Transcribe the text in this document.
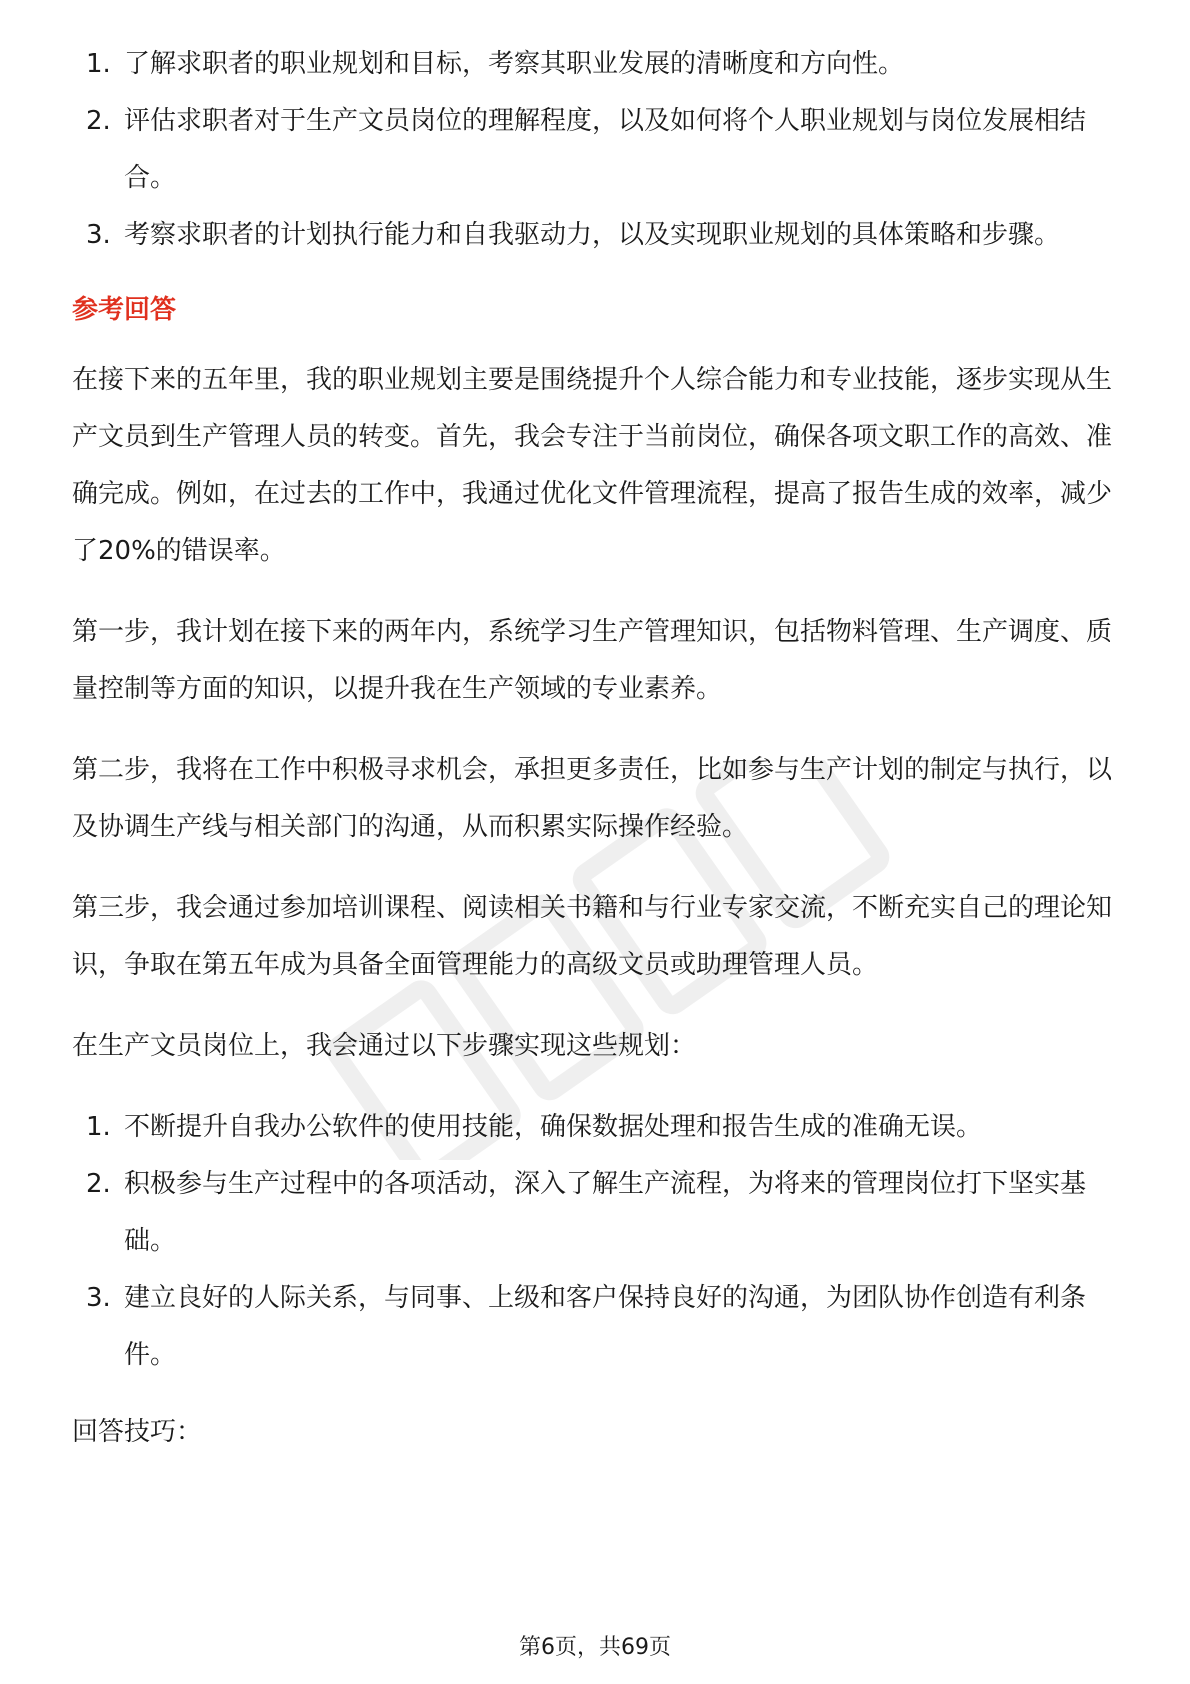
1. 了解求职者的职业规划和目标，考察其职业发展的清晰度和方向性。
2. 评估求职者对于生产文员岗位的理解程度，以及如何将个人职业规划与岗位发展相结合。
3. 考察求职者的计划执行能力和自我驱动力，以及实现职业规划的具体策略和步骤。
参考回答

在接下来的五年里，我的职业规划主要是围绕提升个人综合能力和专业技能，逐步实现从生产文员到生产管理人员的转变。首先，我会专注于当前岗位，确保各项文职工作的高效、准确完成。例如，在过去的工作中，我通过优化文件管理流程，提高了报告生成的效率，减少了20%的错误率。

第一步，我计划在接下来的两年内，系统学习生产管理知识，包括物料管理、生产调度、质量控制等方面的知识，以提升我在生产领域的专业素养。

第二步，我将在工作中积极寻求机会，承担更多责任，比如参与生产计划的制定与执行，以及协调生产线与相关部门的沟通，从而积累实际操作经验。

第三步，我会通过参加培训课程、阅读相关书籍和与行业专家交流，不断充实自己的理论知识，争取在第五年成为具备全面管理能力的高级文员或助理管理人员。

在生产文员岗位上，我会通过以下步骤实现这些规划：

1. 不断提升自我办公软件的使用技能，确保数据处理和报告生成的准确无误。
2. 积极参与生产过程中的各项活动，深入了解生产流程，为将来的管理岗位打下坚实基础。
3. 建立良好的人际关系，与同事、上级和客户保持良好的沟通，为团队协作创造有利条件。
回答技巧：
第6页，共69页
